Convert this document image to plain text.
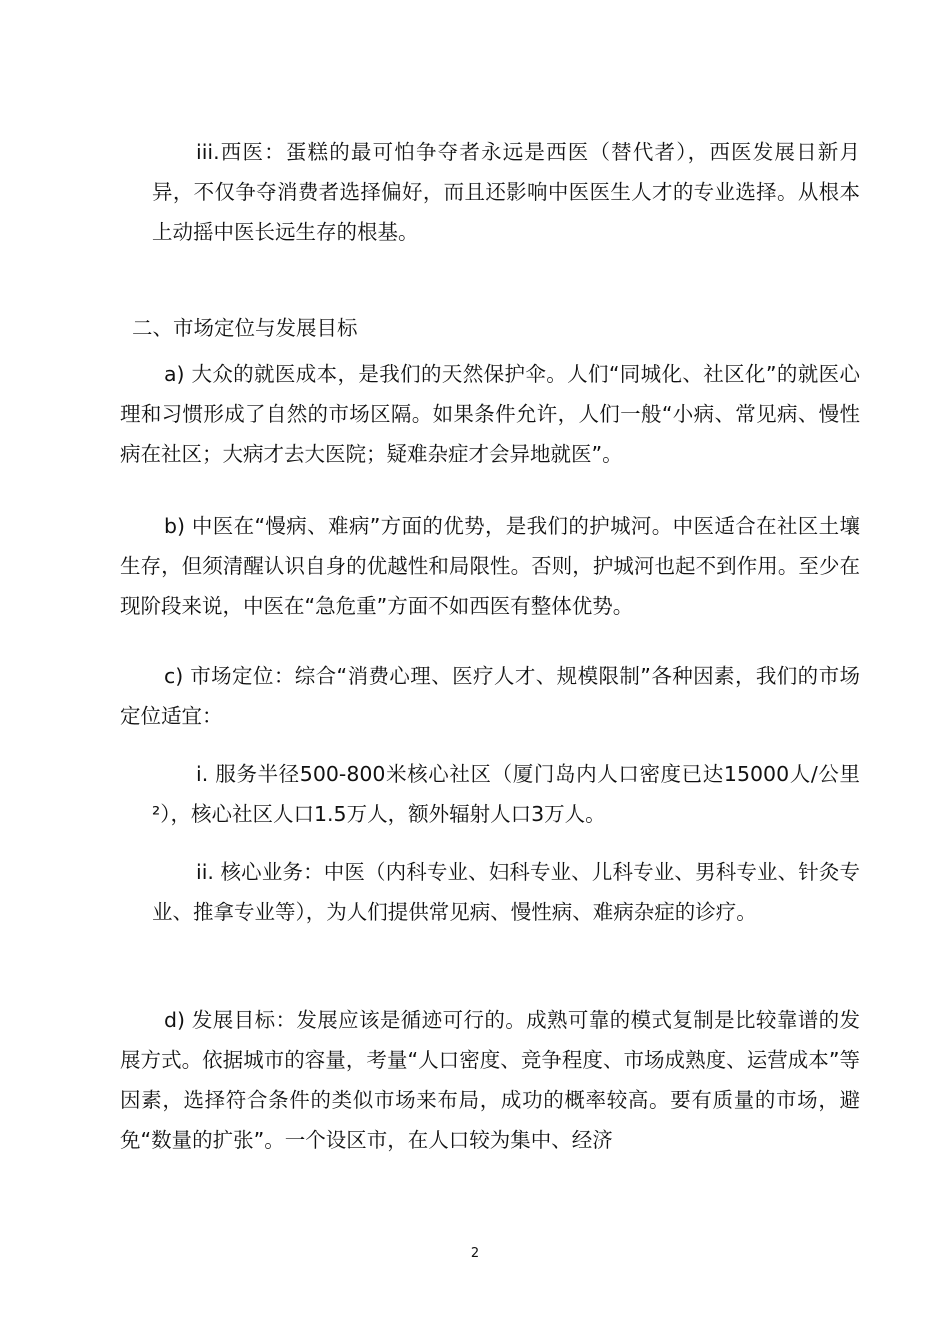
iii.西医：蛋糕的最可怕争夺者永远是西医（替代者），西医发展日新月异，不仅争夺消费者选择偏好，而且还影响中医医生人才的专业选择。从根本上动摇中医长远生存的根基。

二、市场定位与发展目标

a) 大众的就医成本，是我们的天然保护伞。人们“同城化、社区化”的就医心理和习惯形成了自然的市场区隔。如果条件允许，人们一般“小病、常见病、慢性病在社区；大病才去大医院；疑难杂症才会异地就医”。

b) 中医在“慢病、难病”方面的优势，是我们的护城河。中医适合在社区土壤生存，但须清醒认识自身的优越性和局限性。否则，护城河也起不到作用。至少在现阶段来说，中医在“急危重”方面不如西医有整体优势。

c) 市场定位：综合“消费心理、医疗人才、规模限制”各种因素，我们的市场定位适宜：

i. 服务半径500-800米核心社区（厦门岛内人口密度已达15000人/公里²），核心社区人口1.5万人，额外辐射人口3万人。

ii. 核心业务：中医（内科专业、妇科专业、儿科专业、男科专业、针灸专业、推拿专业等），为人们提供常见病、慢性病、难病杂症的诊疗。

d) 发展目标：发展应该是循迹可行的。成熟可靠的模式复制是比较靠谱的发展方式。依据城市的容量，考量“人口密度、竞争程度、市场成熟度、运营成本”等因素，选择符合条件的类似市场来布局，成功的概率较高。要有质量的市场，避免“数量的扩张”。一个设区市，在人口较为集中、经济

2
